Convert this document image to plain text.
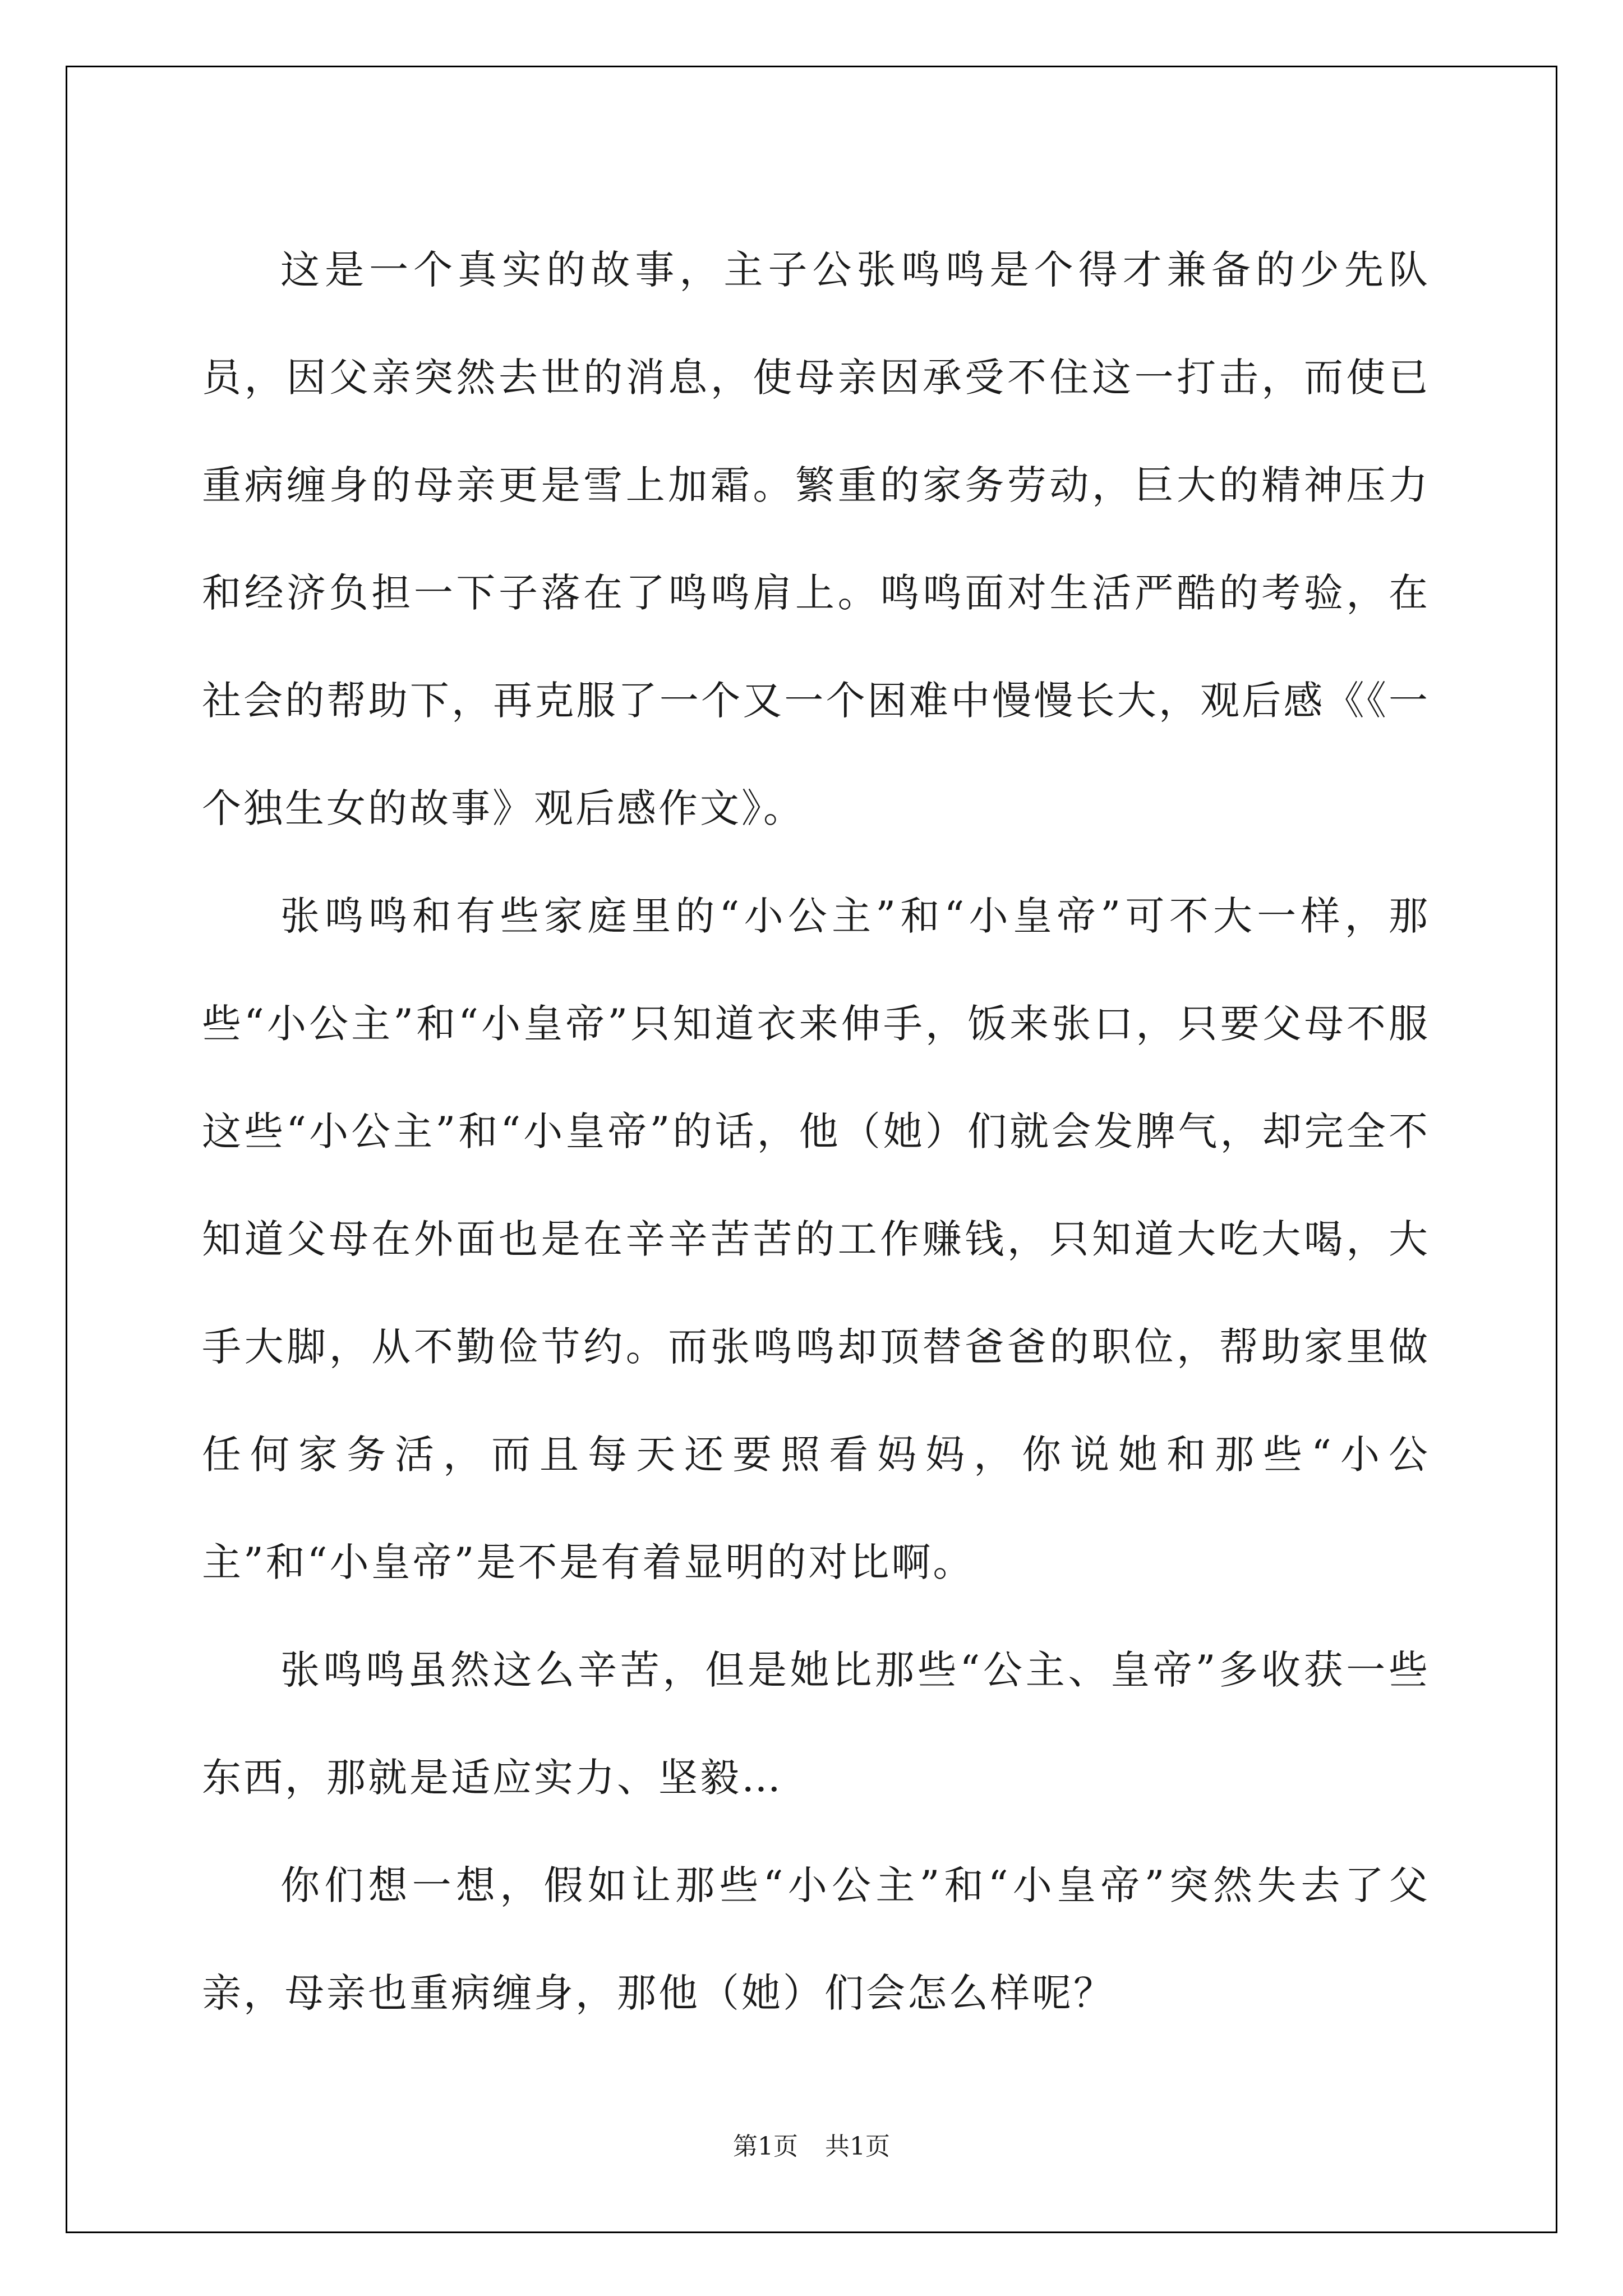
这是一个真实的故事，主子公张鸣鸣是个得才兼备的少先队员，因父亲突然去世的消息，使母亲因承受不住这一打击，而使已重病缠身的母亲更是雪上加霜。繁重的家务劳动，巨大的精神压力和经济负担一下子落在了鸣鸣肩上。鸣鸣面对生活严酷的考验，在社会的帮助下，再克服了一个又一个困难中慢慢长大，观后感《《一个独生女的故事》观后感作文》。

张鸣鸣和有些家庭里的“小公主”和“小皇帝”可不大一样，那些“小公主”和“小皇帝”只知道衣来伸手，饭来张口，只要父母不服这些“小公主”和“小皇帝”的话，他（她）们就会发脾气，却完全不知道父母在外面也是在辛辛苦苦的工作赚钱，只知道大吃大喝，大手大脚，从不勤俭节约。而张鸣鸣却顶替爸爸的职位，帮助家里做任何家务活，而且每天还要照看妈妈，你说她和那些“小公主”和“小皇帝”是不是有着显明的对比啊。

张鸣鸣虽然这么辛苦，但是她比那些“公主、皇帝”多收获一些东西，那就是适应实力、坚毅…

你们想一想，假如让那些“小公主”和“小皇帝”突然失去了父亲，母亲也重病缠身，那他（她）们会怎么样呢？

第1页 共1页
